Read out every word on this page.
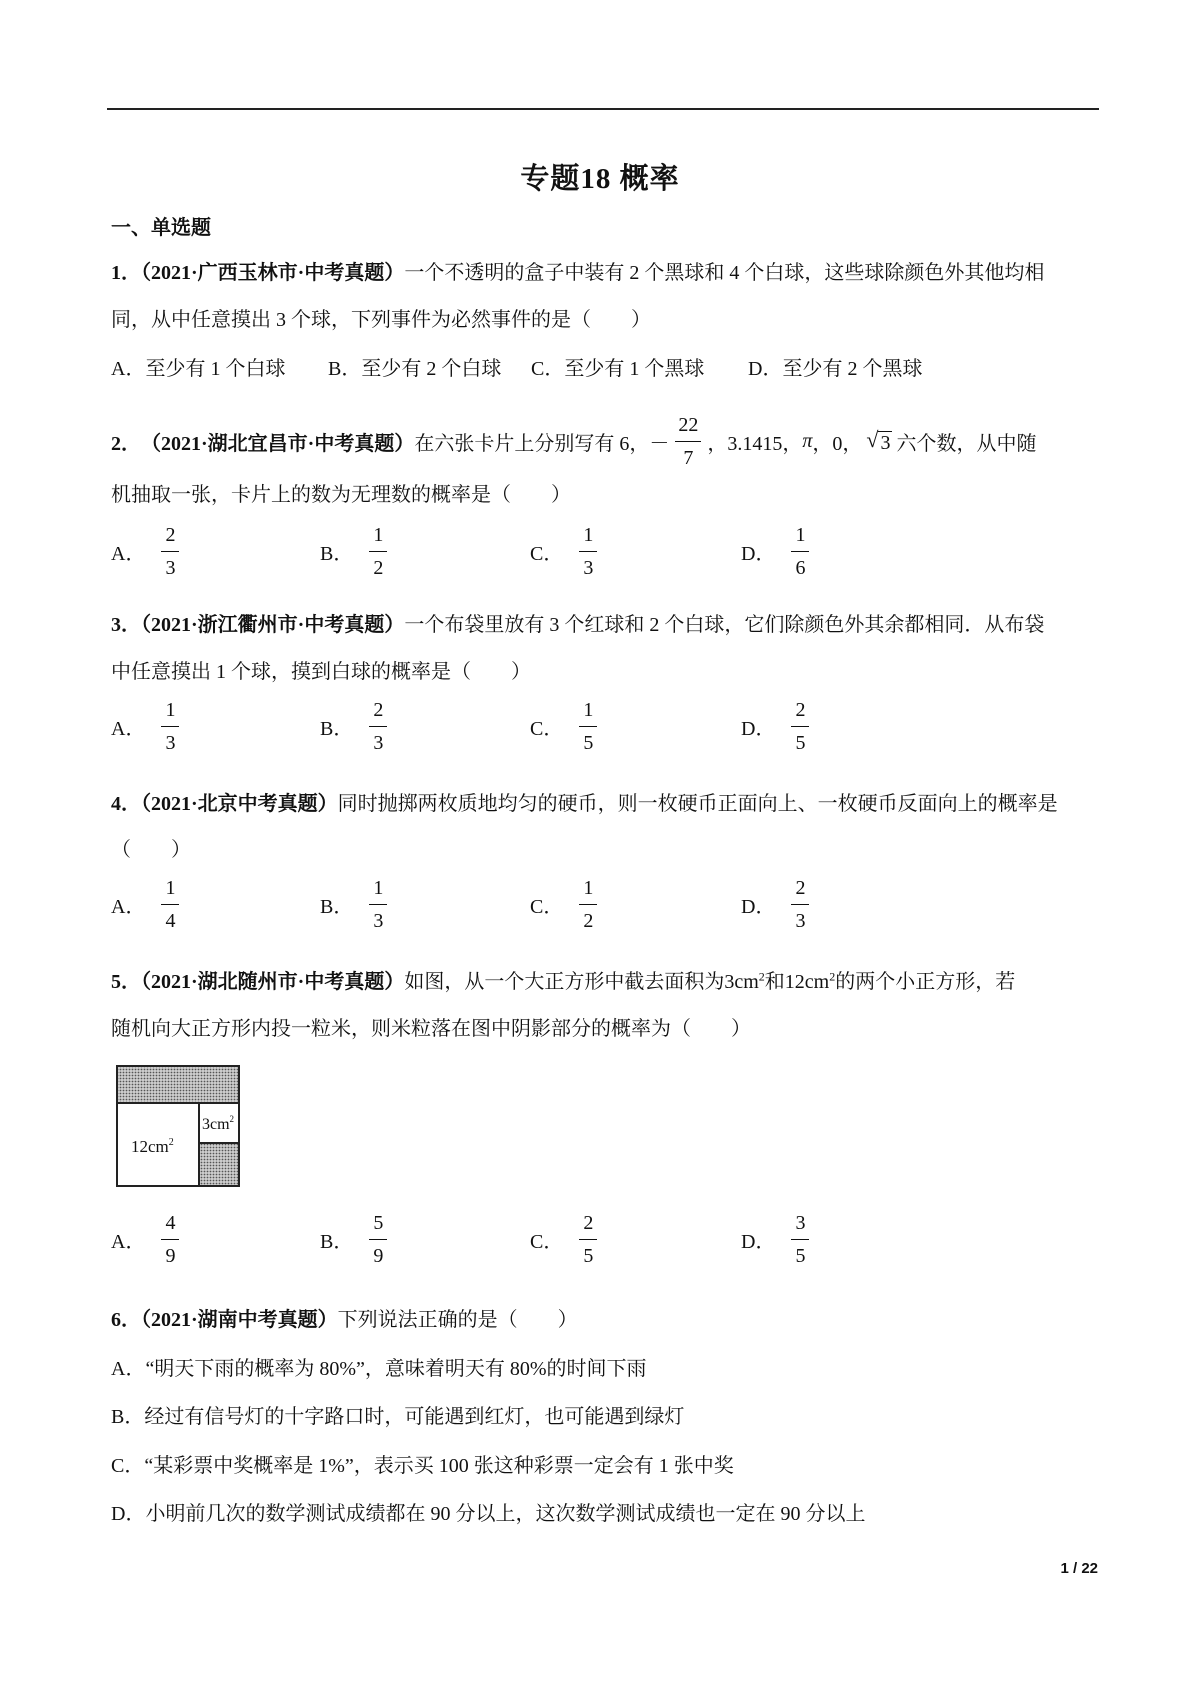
专题18 概率
一、单选题
1．（2021·广西玉林市·中考真题）一个不透明的盒子中装有 2 个黑球和 4 个白球，这些球除颜色外其他均相
同，从中任意摸出 3 个球，下列事件为必然事件的是（　　）
A．至少有 1 个白球 B．至少有 2 个白球 C．至少有 1 个黑球 D．至少有 2 个黑球
2． （2021·湖北宜昌市·中考真题） 在六张卡片上分别写有 6， － $\frac{22}{7}$ ，3.1415， π ，0， √ 3 六个数，从中随
机抽取一张，卡片上的数为无理数的概率是（　　）
A． $\frac{2}{3}$	B． $\frac{1}{2}$	C． $\frac{1}{3}$	D． $\frac{1}{6}$
3．（2021·浙江衢州市·中考真题）一个布袋里放有 3 个红球和 2 个白球，它们除颜色外其余都相同．从布袋
中任意摸出 1 个球，摸到白球的概率是（　　）
A． $\frac{1}{3}$	B． $\frac{2}{3}$	C． $\frac{1}{5}$	D． $\frac{2}{5}$
4．（2021·北京中考真题）同时抛掷两枚质地均匀的硬币，则一枚硬币正面向上、一枚硬币反面向上的概率是
（　　）
A． $\frac{1}{4}$	B． $\frac{1}{3}$	C． $\frac{1}{2}$	D． $\frac{2}{3}$
5．（2021·湖北随州市·中考真题）如图，从一个大正方形中截去面积为$3cm^2$和$12cm^2$的两个小正方形，若
随机向大正方形内投一粒米，则米粒落在图中阴影部分的概率为（　　）
$12cm^2$
$3cm^2$
A． $\frac{4}{9}$	B． $\frac{5}{9}$	C． $\frac{2}{5}$	D． $\frac{3}{5}$
6．（2021·湖南中考真题）下列说法正确的是（　　）
A．“明天下雨的概率为 80%”，意味着明天有 80%的时间下雨
B．经过有信号灯的十字路口时，可能遇到红灯，也可能遇到绿灯
C．“某彩票中奖概率是 1%”，表示买 100 张这种彩票一定会有 1 张中奖
D．小明前几次的数学测试成绩都在 90 分以上，这次数学测试成绩也一定在 90 分以上
1 / 22
